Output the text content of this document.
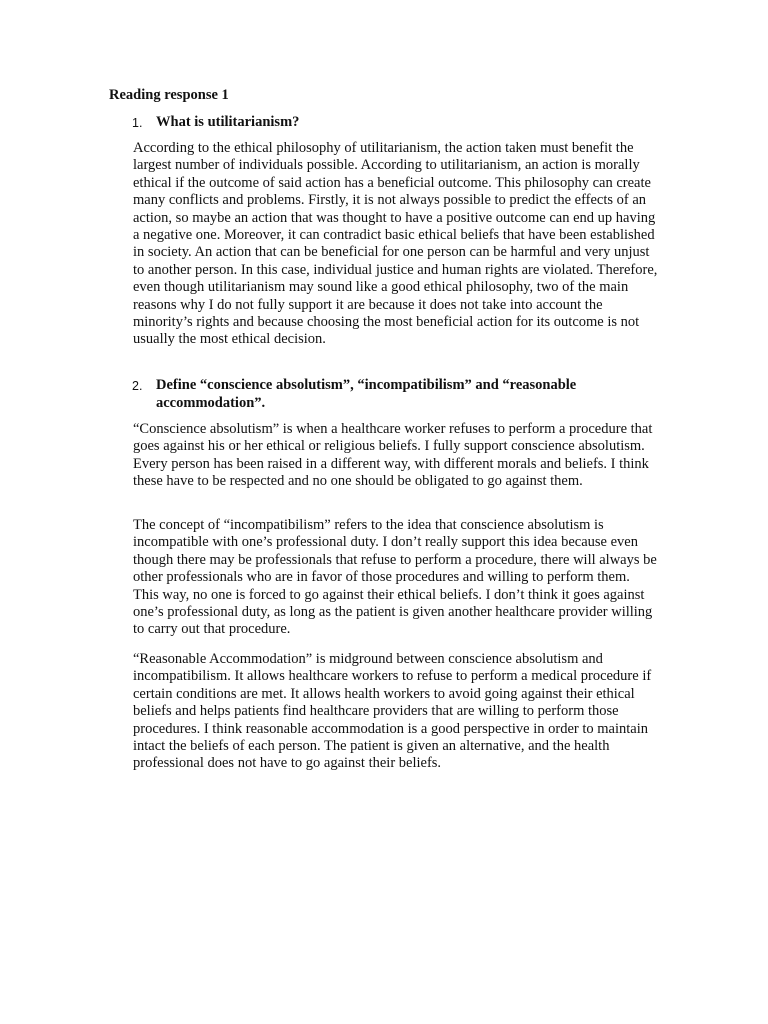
Reading response 1
1. What is utilitarianism?

According to the ethical philosophy of utilitarianism, the action taken must benefit the largest number of individuals possible. According to utilitarianism, an action is morally ethical if the outcome of said action has a beneficial outcome. This philosophy can create many conflicts and problems. Firstly, it is not always possible to predict the effects of an action, so maybe an action that was thought to have a positive outcome can end up having a negative one. Moreover, it can contradict basic ethical beliefs that have been established in society. An action that can be beneficial for one person can be harmful and very unjust to another person. In this case, individual justice and human rights are violated. Therefore, even though utilitarianism may sound like a good ethical philosophy, two of the main reasons why I do not fully support it are because it does not take into account the minority’s rights and because choosing the most beneficial action for its outcome is not usually the most ethical decision.

2. Define “conscience absolutism”, “incompatibilism” and “reasonable accommodation”.

“Conscience absolutism” is when a healthcare worker refuses to perform a procedure that goes against his or her ethical or religious beliefs. I fully support conscience absolutism. Every person has been raised in a different way, with different morals and beliefs. I think these have to be respected and no one should be obligated to go against them.

The concept of “incompatibilism” refers to the idea that conscience absolutism is incompatible with one’s professional duty. I don’t really support this idea because even though there may be professionals that refuse to perform a procedure, there will always be other professionals who are in favor of those procedures and willing to perform them. This way, no one is forced to go against their ethical beliefs. I don’t think it goes against one’s professional duty, as long as the patient is given another healthcare provider willing to carry out that procedure.

“Reasonable Accommodation” is midground between conscience absolutism and incompatibilism. It allows healthcare workers to refuse to perform a medical procedure if certain conditions are met. It allows health workers to avoid going against their ethical beliefs and helps patients find healthcare providers that are willing to perform those procedures. I think reasonable accommodation is a good perspective in order to maintain intact the beliefs of each person. The patient is given an alternative, and the health professional does not have to go against their beliefs.
